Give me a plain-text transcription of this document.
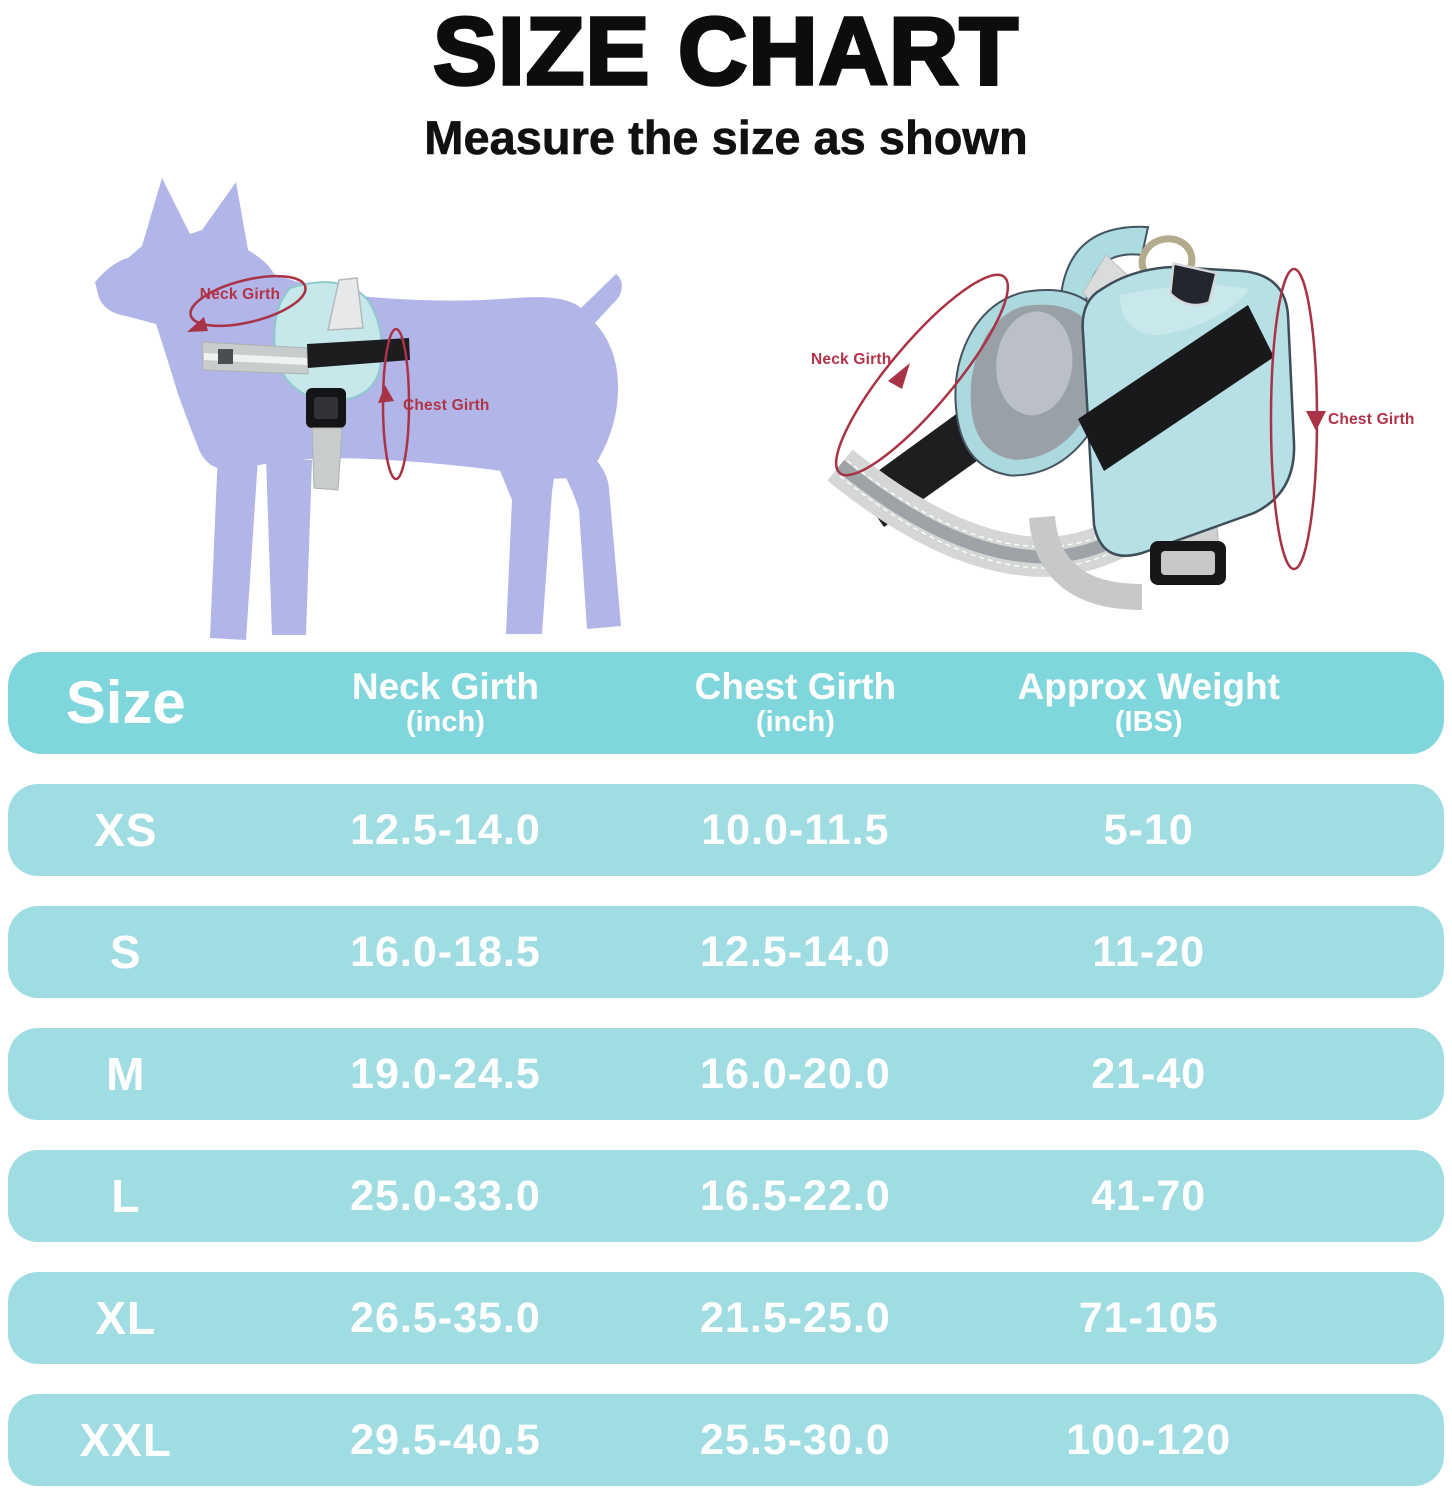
SIZE CHART
Measure the size as shown
Neck Girth
Chest Girth
Neck Girth
Chest Girth
Size	Neck Girth
(inch)
Chest Girth
(inch)
Approx Weight
(IBS)
XS	12.5-14.0	10.0-11.5	5-10
S	16.0-18.5	12.5-14.0	11-20
M	19.0-24.5	16.0-20.0	21-40
L	25.0-33.0	16.5-22.0	41-70
XL	26.5-35.0	21.5-25.0	71-105
XXL	29.5-40.5	25.5-30.0	100-120
